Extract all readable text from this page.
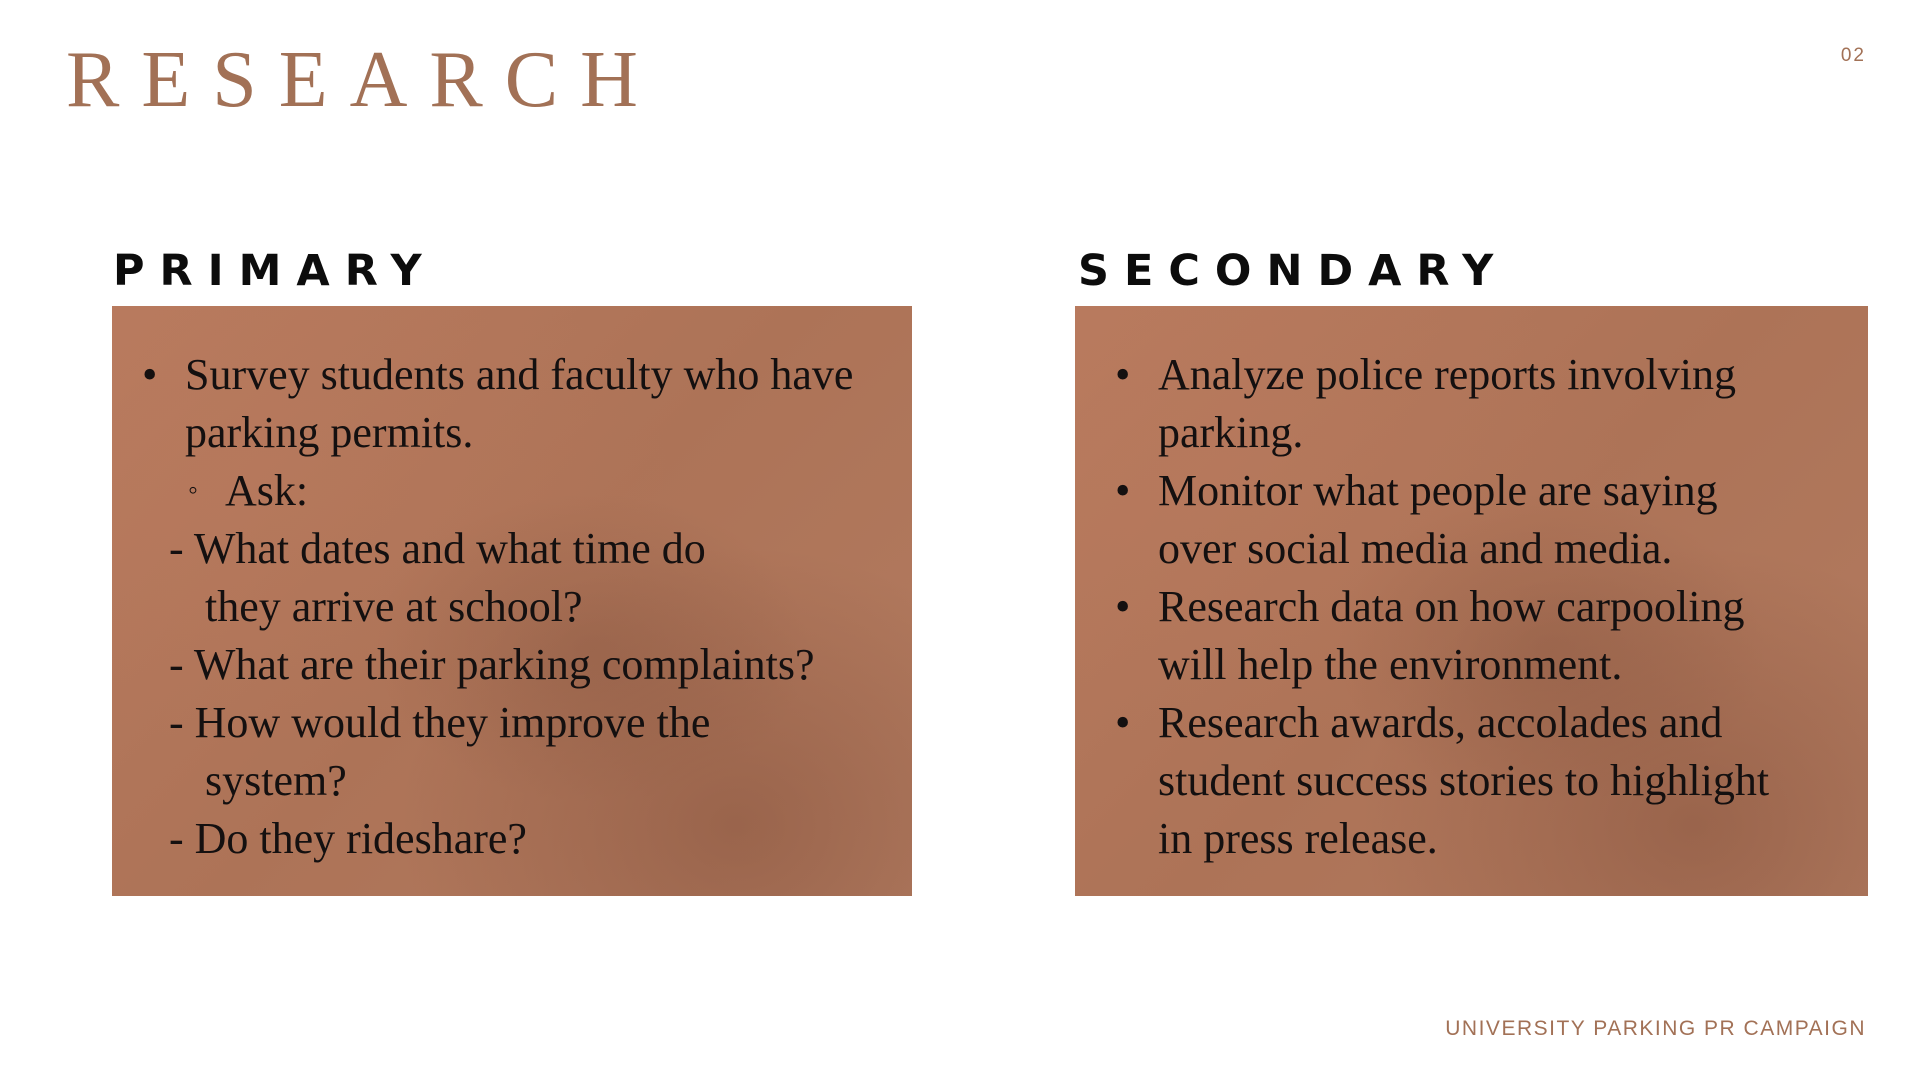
RESEARCH	02
PRIMARY	SECONDARY
• Survey students and faculty who have
parking permits.
◦ Ask:
- What dates and what time do
they arrive at school?
- What are their parking complaints?
- How would they improve the
system?
- Do they rideshare?
• Analyze police reports involving
parking.
• Monitor what people are saying
over social media and media.
• Research data on how carpooling
will help the environment.
• Research awards, accolades and
student success stories to highlight
in press release.
UNIVERSITY PARKING PR CAMPAIGN
